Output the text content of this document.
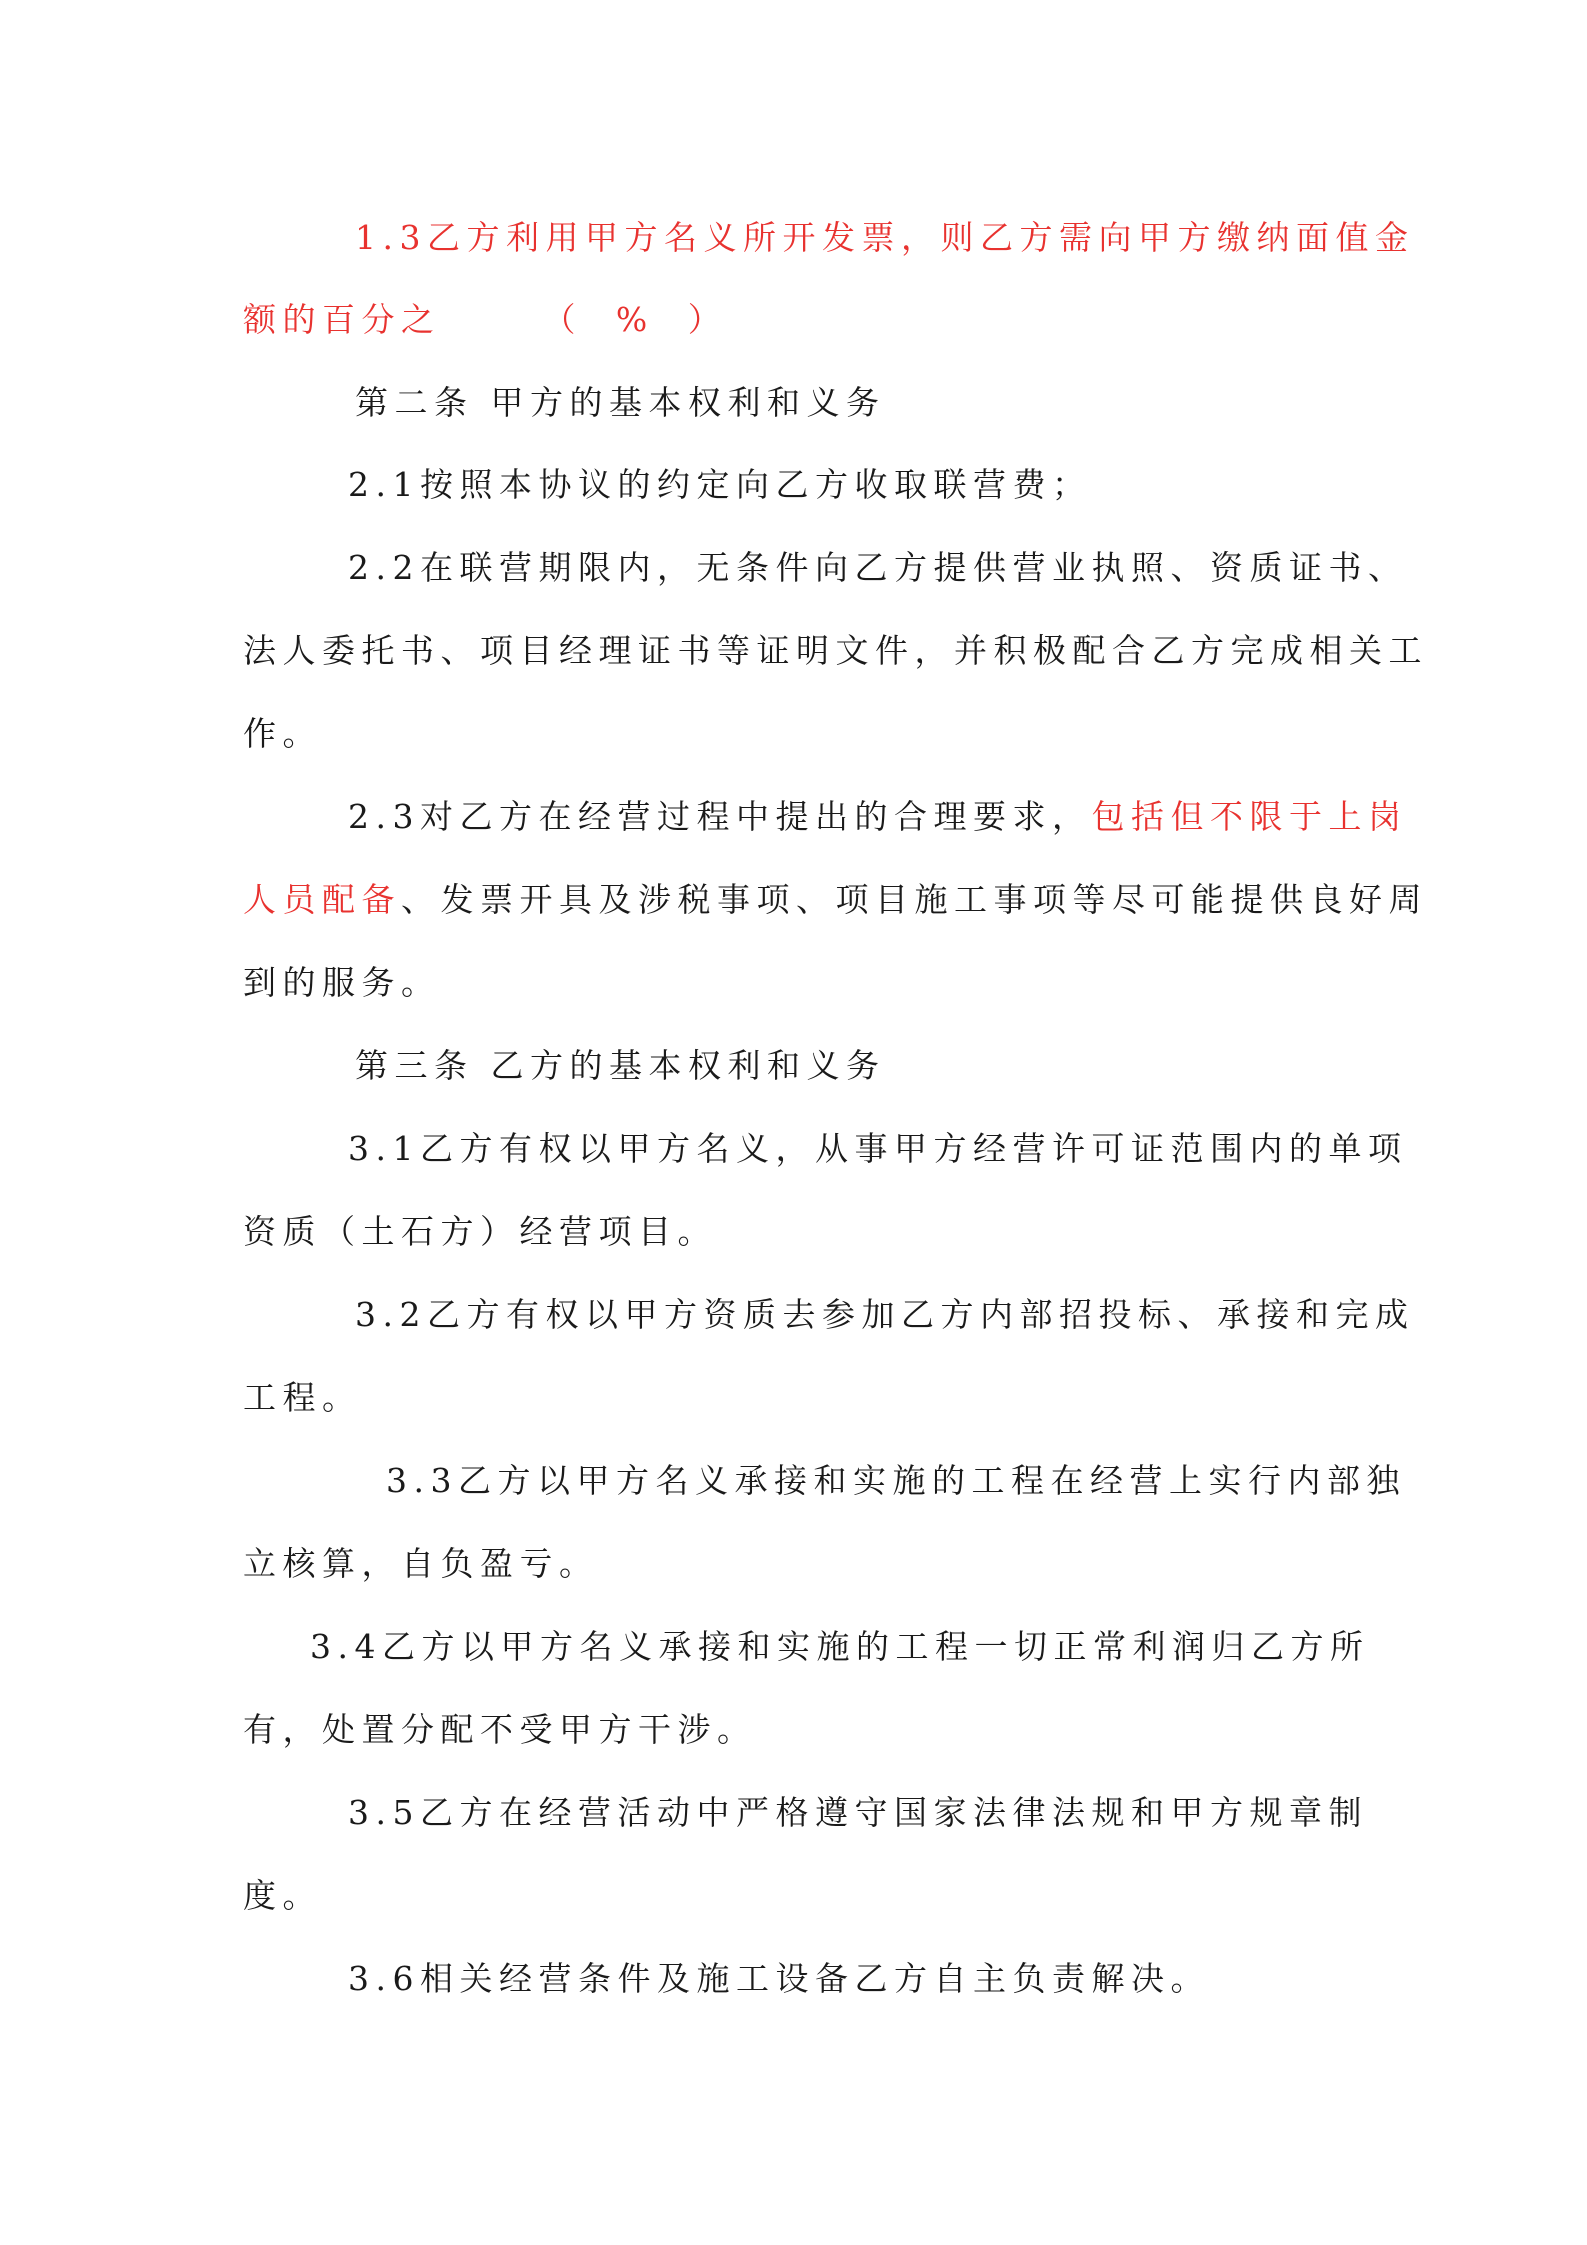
1.3乙方利用甲方名义所开发票，则乙方需向甲方缴纳面值金
额的百分之      （  %  ）
第二条 甲方的基本权利和义务
2.1按照本协议的约定向乙方收取联营费；
2.2在联营期限内，无条件向乙方提供营业执照、资质证书、
法人委托书、项目经理证书等证明文件，并积极配合乙方完成相关工
作。
2.3对乙方在经营过程中提出的合理要求，包括但不限于上岗
人员配备、发票开具及涉税事项、项目施工事项等尽可能提供良好周
到的服务。
第三条 乙方的基本权利和义务
3.1乙方有权以甲方名义，从事甲方经营许可证范围内的单项
资质（土石方）经营项目。
3.2乙方有权以甲方资质去参加乙方内部招投标、承接和完成
工程。
3.3乙方以甲方名义承接和实施的工程在经营上实行内部独
立核算，自负盈亏。
3.4乙方以甲方名义承接和实施的工程一切正常利润归乙方所
有，处置分配不受甲方干涉。
3.5乙方在经营活动中严格遵守国家法律法规和甲方规章制
度。
3.6相关经营条件及施工设备乙方自主负责解决。
